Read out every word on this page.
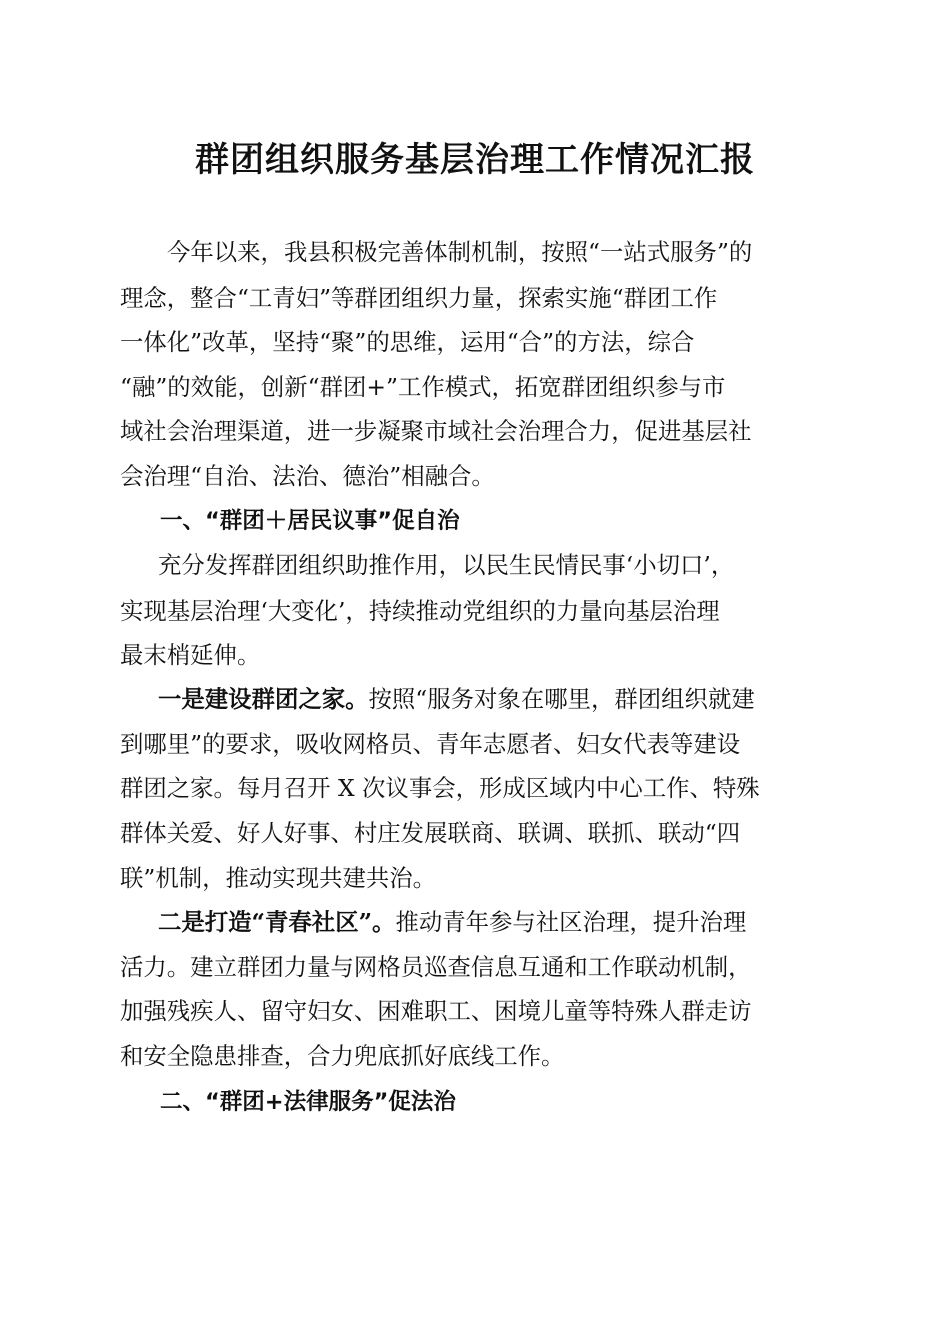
群团组织服务基层治理工作情况汇报
今年以来，我县积极完善体制机制，按照“一站式服务”的
理念，整合“工青妇”等群团组织力量，探索实施“群团工作
一体化”改革，坚持“聚”的思维，运用“合”的方法，综合
“融”的效能，创新“群团+”工作模式，拓宽群团组织参与市
域社会治理渠道，进一步凝聚市域社会治理合力，促进基层社
会治理“自治、法治、德治”相融合。
一、“群团＋居民议事”促自治
充分发挥群团组织助推作用，以民生民情民事‘小切口’，
实现基层治理‘大变化’，持续推动党组织的力量向基层治理
最末梢延伸。
一是建设群团之家。按照“服务对象在哪里，群团组织就建
到哪里”的要求，吸收网格员、青年志愿者、妇女代表等建设
群团之家。每月召开 X 次议事会，形成区域内中心工作、特殊
群体关爱、好人好事、村庄发展联商、联调、联抓、联动“四
联”机制，推动实现共建共治。
二是打造“青春社区”。推动青年参与社区治理，提升治理
活力。建立群团力量与网格员巡查信息互通和工作联动机制，
加强残疾人、留守妇女、困难职工、困境儿童等特殊人群走访
和安全隐患排查，合力兜底抓好底线工作。
二、“群团+法律服务”促法治
